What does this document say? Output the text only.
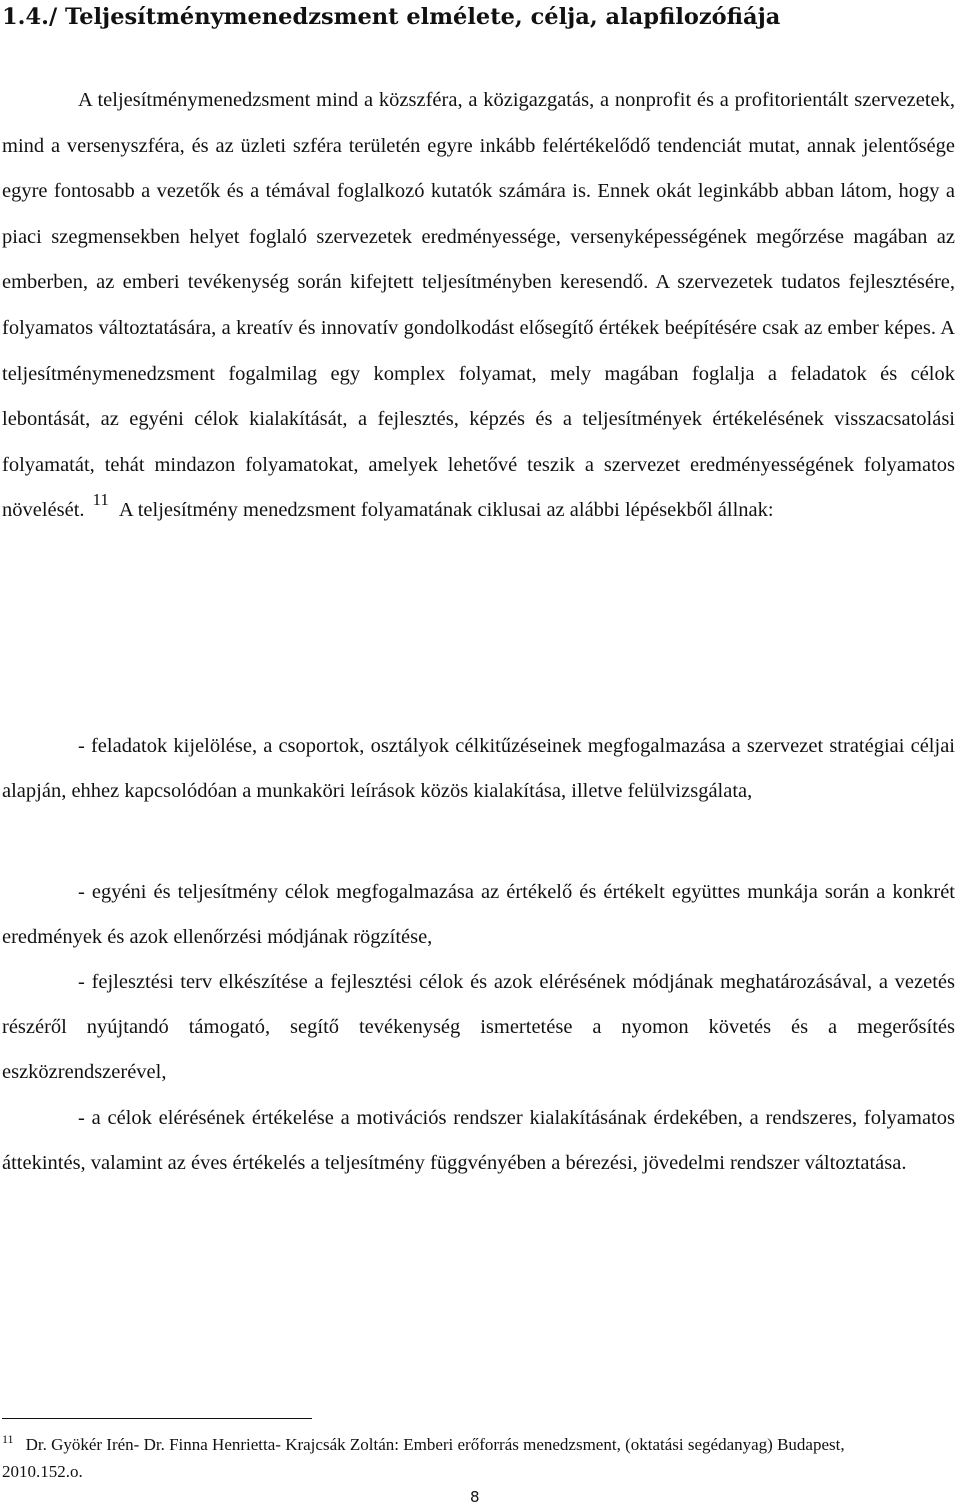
1.4./ Teljesítménymenedzsment elmélete, célja, alapfilozófiája

A teljesítménymenedzsment mind a közszféra, a közigazgatás, a nonprofit és a profitorientált szervezetek, mind a versenyszféra, és az üzleti szféra területén egyre inkább felértékelődő tendenciát mutat, annak jelentősége egyre fontosabb a vezetők és a témával foglalkozó kutatók számára is. Ennek okát leginkább abban látom, hogy a piaci szegmensekben helyet foglaló szervezetek eredményessége, versenyképességének megőrzése magában az emberben, az emberi tevékenység során kifejtett teljesítményben keresendő. A szervezetek tudatos fejlesztésére, folyamatos változtatására, a kreatív és innovatív gondolkodást elősegítő értékek beépítésére csak az ember képes. A teljesítménymenedzsment fogalmilag egy komplex folyamat, mely magában foglalja a feladatok és célok lebontását, az egyéni célok kialakítását, a fejlesztés, képzés és a teljesítmények értékelésének visszacsatolási folyamatát, tehát mindazon folyamatokat, amelyek lehetővé teszik a szervezet eredményességének folyamatos növelését. $^{11}$ A teljesítmény menedzsment folyamatának ciklusai az alábbi lépésekből állnak:

- feladatok kijelölése, a csoportok, osztályok célkitűzéseinek megfogalmazása a szervezet stratégiai céljai alapján, ehhez kapcsolódóan a munkaköri leírások közös kialakítása, illetve felülvizsgálata,

- egyéni és teljesítmény célok megfogalmazása az értékelő és értékelt együttes munkája során a konkrét eredmények és azok ellenőrzési módjának rögzítése,

- fejlesztési terv elkészítése a fejlesztési célok és azok elérésének módjának meghatározásával, a vezetés részéről nyújtandó támogató, segítő tevékenység ismertetése a nyomon követés és a megerősítés eszközrendszerével,

- a célok elérésének értékelése a motivációs rendszer kialakításának érdekében, a rendszeres, folyamatos áttekintés, valamint az éves értékelés a teljesítmény függvényében a bérezési, jövedelmi rendszer változtatása.

$^{11}$ Dr. Gyökér Irén- Dr. Finna Henrietta- Krajcsák Zoltán: Emberi erőforrás menedzsment, (oktatási segédanyag) Budapest, 2010.152.o.

8
